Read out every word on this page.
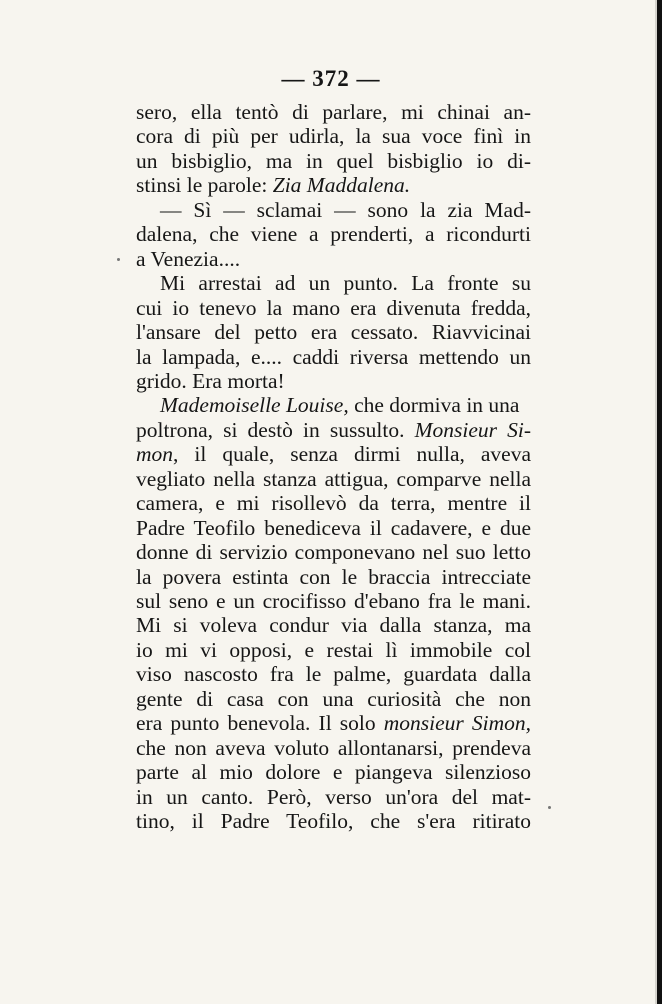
— 372 —
sero, ella tentò di parlare, mi chinai an-
cora di più per udirla, la sua voce finì in
un bisbiglio, ma in quel bisbiglio io di-
stinsi le parole: Zia Maddalena.
— Sì — sclamai — sono la zia Mad-
dalena, che viene a prenderti, a ricondurti
a Venezia....
Mi arrestai ad un punto. La fronte su
cui io tenevo la mano era divenuta fredda,
l'ansare del petto era cessato. Riavvicinai
la lampada, e.... caddi riversa mettendo un
grido. Era morta!
Mademoiselle Louise, che dormiva in una
poltrona, si destò in sussulto. Monsieur Si-
mon, il quale, senza dirmi nulla, aveva
vegliato nella stanza attigua, comparve nella
camera, e mi risollevò da terra, mentre il
Padre Teofilo benediceva il cadavere, e due
donne di servizio componevano nel suo letto
la povera estinta con le braccia intrecciate
sul seno e un crocifisso d'ebano fra le mani.
Mi si voleva condur via dalla stanza, ma
io mi vi opposi, e restai lì immobile col
viso nascosto fra le palme, guardata dalla
gente di casa con una curiosità che non
era punto benevola. Il solo monsieur Simon,
che non aveva voluto allontanarsi, prendeva
parte al mio dolore e piangeva silenzioso
in un canto. Però, verso un'ora del mat-
tino, il Padre Teofilo, che s'era ritirato
